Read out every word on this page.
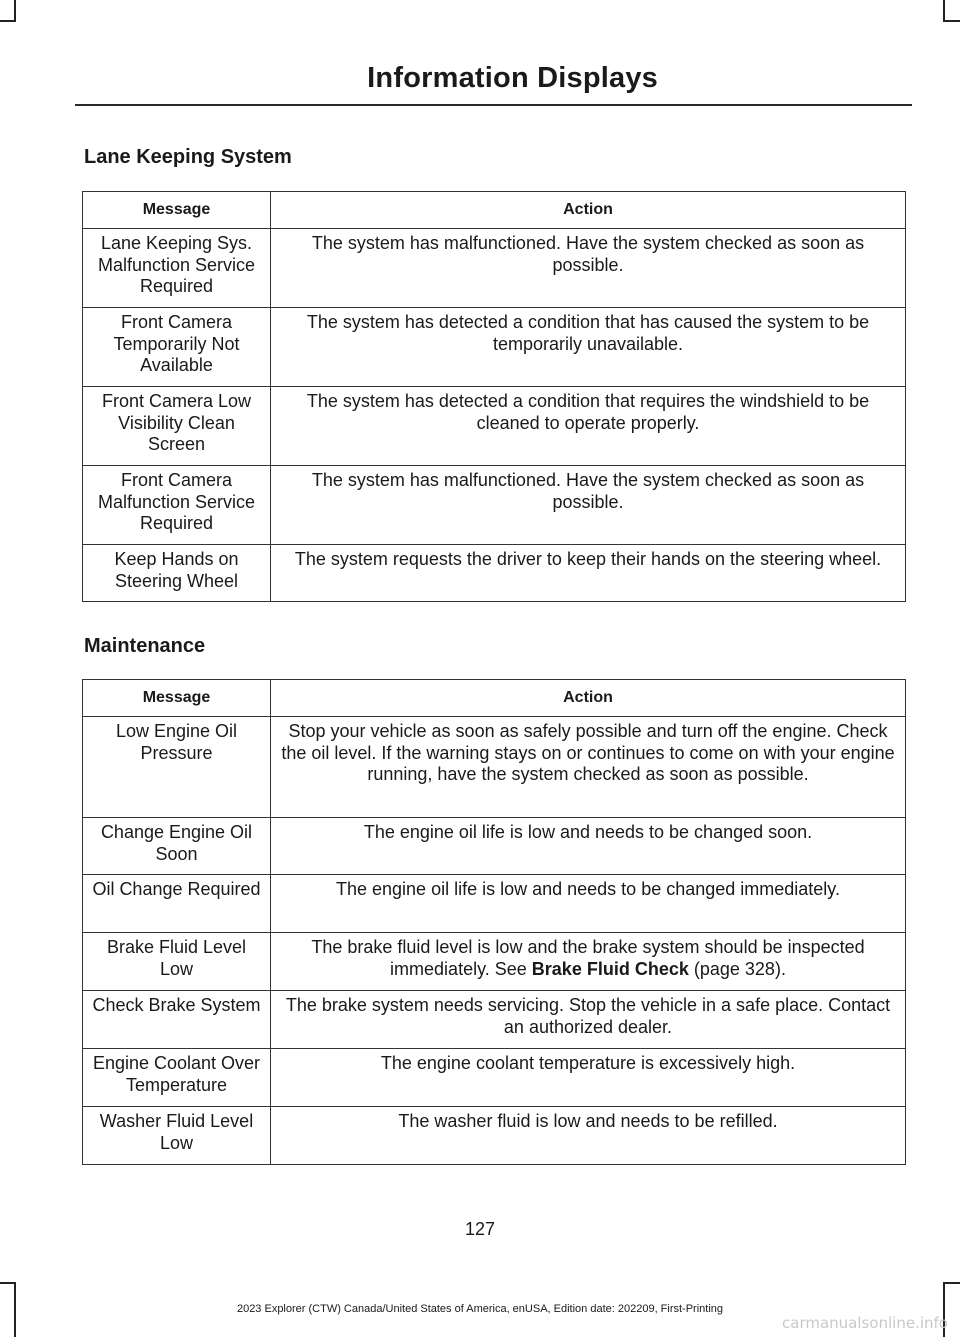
Information Displays
Lane Keeping System
Message	Action
Lane Keeping Sys. Malfunction Service Required	The system has malfunctioned. Have the system checked as soon as possible.
Front Camera Temporarily Not Available	The system has detected a condition that has caused the system to be temporarily unavailable.
Front Camera Low Visibility Clean Screen	The system has detected a condition that requires the windshield to be cleaned to operate properly.
Front Camera Malfunction Service Required	The system has malfunctioned. Have the system checked as soon as possible.
Keep Hands on Steering Wheel	The system requests the driver to keep their hands on the steering wheel.
Maintenance
Message	Action
Low Engine Oil Pressure	Stop your vehicle as soon as safely possible and turn off the engine. Check the oil level. If the warning stays on or continues to come on with your engine running, have the system checked as soon as possible.
Change Engine Oil Soon	The engine oil life is low and needs to be changed soon.
Oil Change Required	The engine oil life is low and needs to be changed immediately.
Brake Fluid Level Low	The brake fluid level is low and the brake system should be inspected immediately. See Brake Fluid Check (page 328).
Check Brake System	The brake system needs servicing. Stop the vehicle in a safe place. Contact an authorized dealer.
Engine Coolant Over Temperature	The engine coolant temperature is excessively high.
Washer Fluid Level Low	The washer fluid is low and needs to be refilled.
127
2023 Explorer (CTW) Canada/United States of America, enUSA, Edition date: 202209, First-Printing
carmanualsonline.info
